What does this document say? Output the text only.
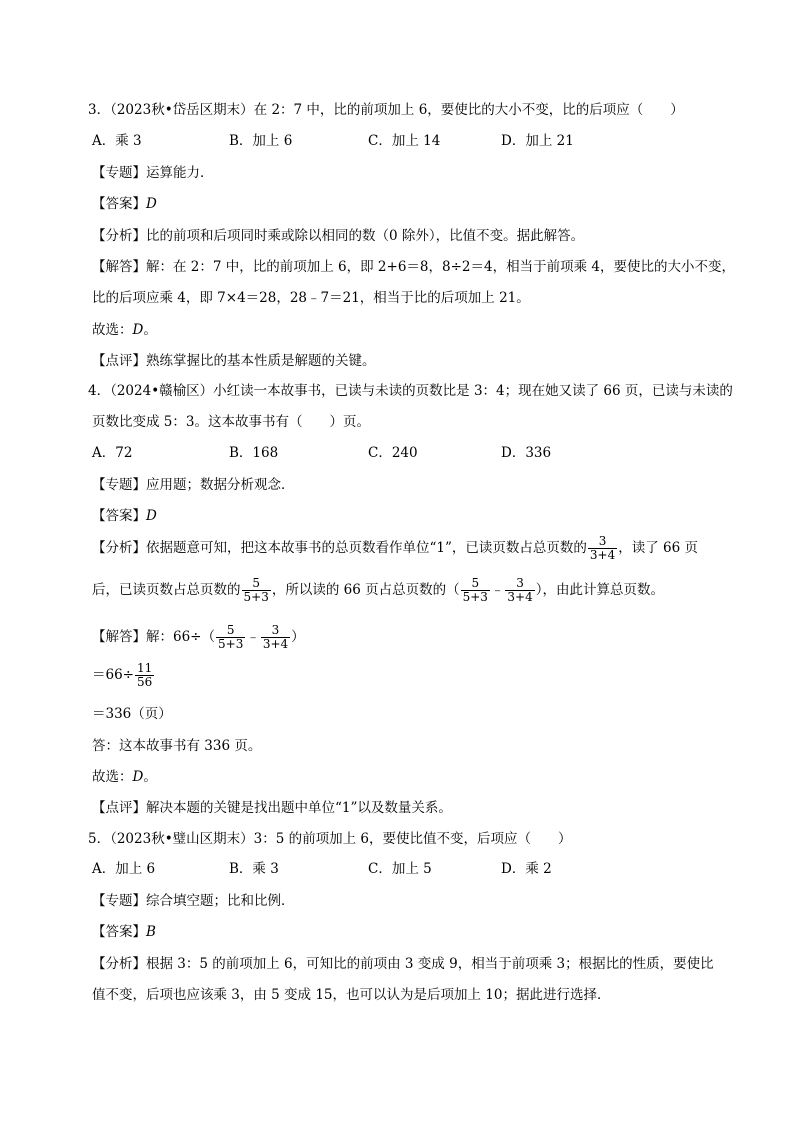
3．（2023秋•岱岳区期末）在 2：7 中，比的前项加上 6，要使比的大小不变，比的后项应（　　）
A．乘 3	B．加上 6	C．加上 14	D．加上 21
【专题】运算能力．
【答案】D
【分析】比的前项和后项同时乘或除以相同的数（0 除外），比值不变。据此解答。
【解答】解：在 2：7 中，比的前项加上 6，即 2+6＝8，8÷2＝4，相当于前项乘 4，要使比的大小不变，
比的后项应乘 4，即 7×4＝28，28﹣7＝21，相当于比的后项加上 21。
故选：D。
【点评】熟练掌握比的基本性质是解题的关键。
4．（2024•赣榆区）小红读一本故事书，已读与未读的页数比是 3：4；现在她又读了 66 页，已读与未读的
页数比变成 5：3。这本故事书有（　　）页。
A．72	B．168	C．240	D．336
【专题】应用题；数据分析观念．
【答案】D
【分析】依据题意可知，把这本故事书的总页数看作单位“1”，已读页数占总页数的 $\frac{3}{3+4}$ ，读了 66 页
后，已读页数占总页数的 $\frac{5}{5+3}$ ，所以读的 66 页占总页数的（ $\frac{5}{5+3}$ ﹣ $\frac{3}{3+4}$ ），由此计算总页数。
【解答】解：$66\div( \frac{5}{5+3}$ ﹣ $\frac{3}{3+4}$ ）
$=66\div \frac{11}{56}$
＝336（页）
答：这本故事书有 336 页。
故选：D。
【点评】解决本题的关键是找出题中单位“1”以及数量关系。
5．（2023秋•璧山区期末）3：5 的前项加上 6，要使比值不变，后项应（　　）
A．加上 6	B．乘 3	C．加上 5	D．乘 2
【专题】综合填空题；比和比例．
【答案】B
【分析】根据 3：5 的前项加上 6，可知比的前项由 3 变成 9，相当于前项乘 3；根据比的性质，要使比
值不变，后项也应该乘 3，由 5 变成 15，也可以认为是后项加上 10；据此进行选择．
